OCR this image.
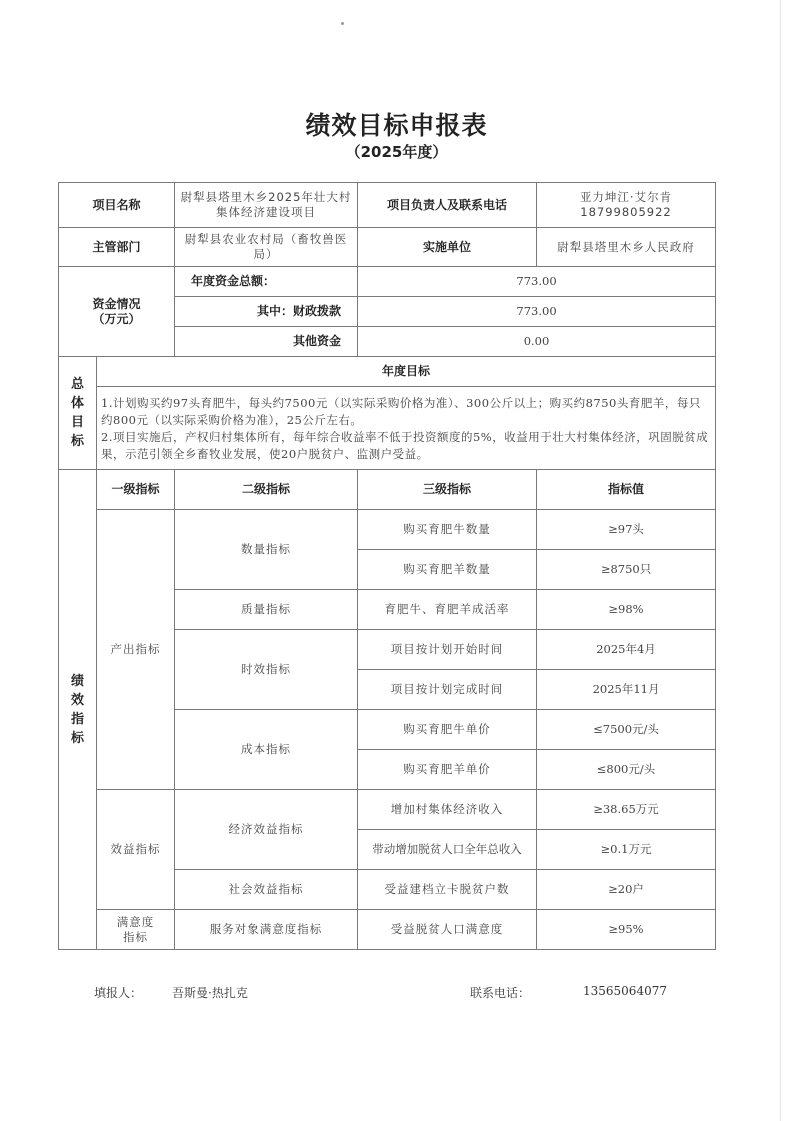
绩效目标申报表
（2025年度）
项目名称		尉犁县塔里木乡2025年壮大村集体经济建设项目	项目负责人及联系电话	亚力坤江·艾尔肯
18799805922

主管部门		尉犁县农业农村局（畜牧兽医局）	实施单位	尉犁县塔里木乡人民政府

资金情况
（万元）		年度资金总额：	773.00	
		其中：财政拨款	773.00	
		其他资金	0.00	

总
体
目
标	年度目标			

	1.计划购买约97头育肥牛，每头约7500元（以实际采购价格为准）、300公斤以上；购买约8750头育肥羊，每只约800元（以实际采购价格为准），25公斤左右。
2.项目实施后，产权归村集体所有，每年综合收益率不低于投资额度的5%，收益用于壮大村集体经济，巩固脱贫成果，示范引领全乡畜牧业发展，使20户脱贫户、监测户受益。			

绩
效
指
标	一级指标	二级指标	三级指标	指标值
	产出指标	数量指标	购买育肥牛数量	≥97头
			购买育肥羊数量	≥8750只
		质量指标	育肥牛、育肥羊成活率	≥98%
		时效指标	项目按计划开始时间	2025年4月
			项目按计划完成时间	2025年11月
		成本指标	购买育肥牛单价	≤7500元/头
			购买育肥羊单价	≤800元/头
	效益指标	经济效益指标	增加村集体经济收入	≥38.65万元
			带动增加脱贫人口全年总收入	≥0.1万元
		社会效益指标	受益建档立卡脱贫户数	≥20户

	满意度
指标	服务对象满意度指标	受益脱贫人口满意度	≥95%
填报人： 吾斯曼·热扎克	联系电话：	13565064077
